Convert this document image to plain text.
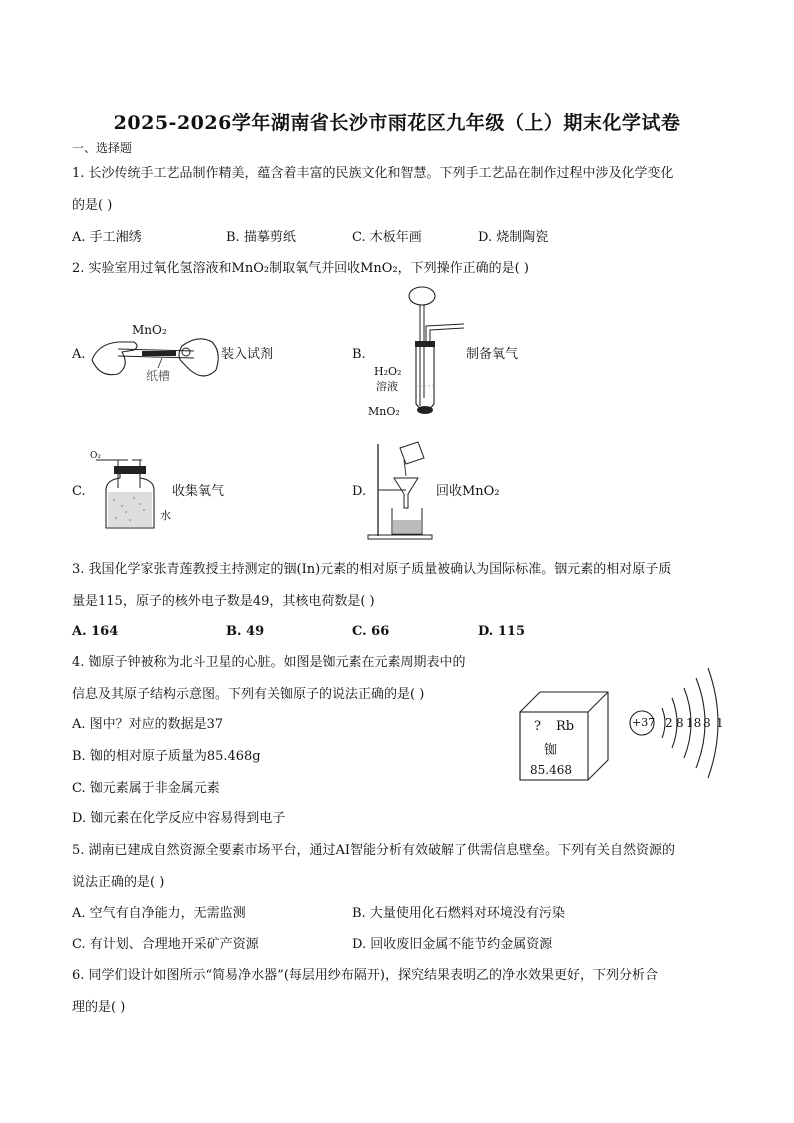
2025-2026学年湖南省长沙市雨花区九年级（上）期末化学试卷
一、选择题
1. 长沙传统手工艺品制作精美，蕴含着丰富的民族文化和智慧。下列手工艺品在制作过程中涉及化学变化
的是( )
A. 手工湘绣	B. 描摹剪纸	C. 木板年画	D. 烧制陶瓷
2. 实验室用过氧化氢溶液和MnO₂制取氧气并回收MnO₂，下列操作正确的是( )
A.
MnO₂
纸槽
装入试剂	B.
H₂O₂
溶液
MnO₂
制备氧气
C.
O₂
水
收集氧气	D.	回收MnO₂
3. 我国化学家张青莲教授主持测定的铟(In)元素的相对原子质量被确认为国际标准。铟元素的相对原子质
量是115，原子的核外电子数是49，其核电荷数是( )
A. 164	B. 49	C. 66	D. 115
4. 铷原子钟被称为北斗卫星的心脏。如图是铷元素在元素周期表中的
信息及其原子结构示意图。下列有关铷原子的说法正确的是( )
A. 图中？对应的数据是37
B. 铷的相对原子质量为85.468g
C. 铷元素属于非金属元素
D. 铷元素在化学反应中容易得到电子
? Rb
铷
85.468
+37 2 8 18 8 1
5. 湖南已建成自然资源全要素市场平台，通过AI智能分析有效破解了供需信息壁垒。下列有关自然资源的
说法正确的是( )
A. 空气有自净能力，无需监测	B. 大量使用化石燃料对环境没有污染
C. 有计划、合理地开采矿产资源	D. 回收废旧金属不能节约金属资源
6. 同学们设计如图所示“简易净水器”(每层用纱布隔开)，探究结果表明乙的净水效果更好，下列分析合
理的是( )
